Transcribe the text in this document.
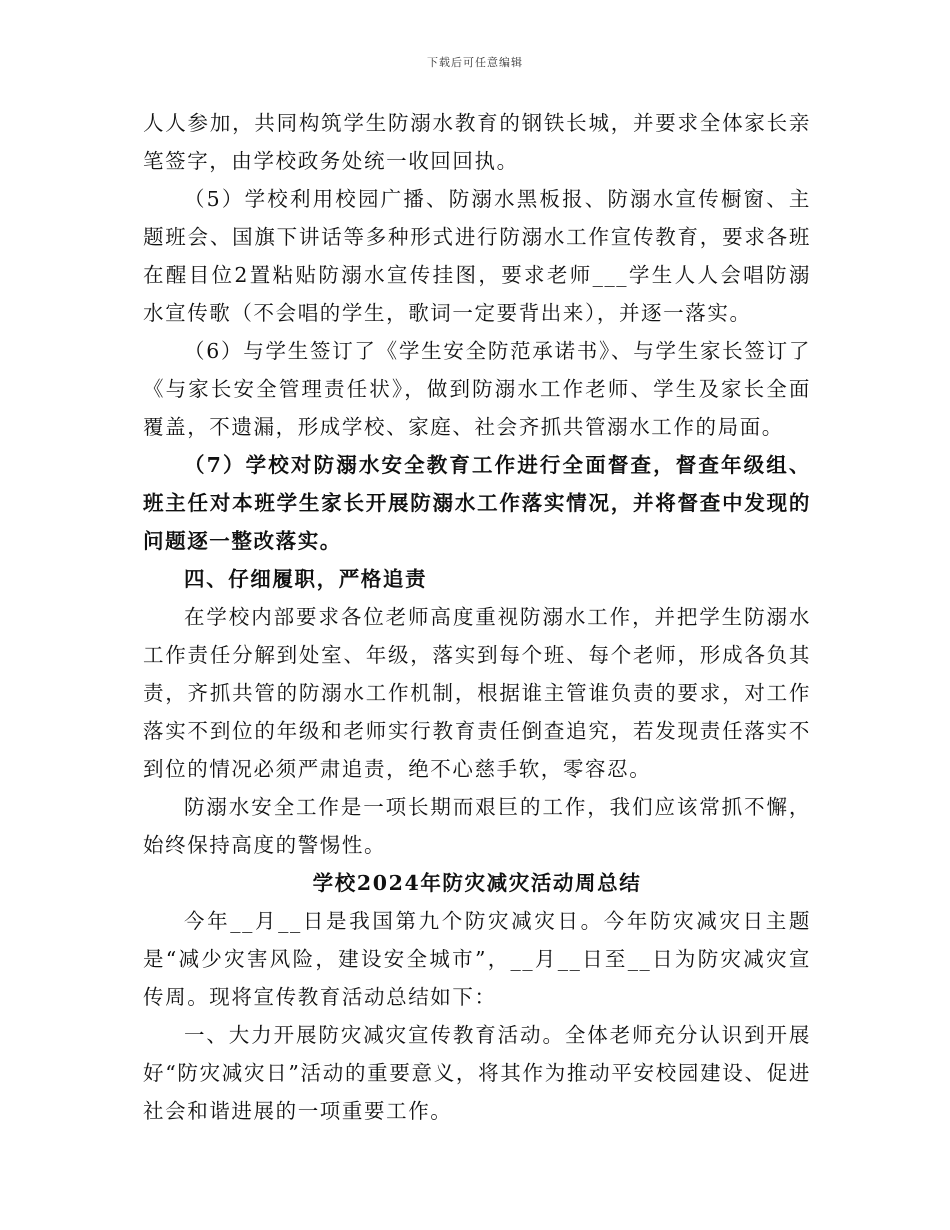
下载后可任意编辑

人人参加，共同构筑学生防溺水教育的钢铁长城，并要求全体家长亲笔签字，由学校政务处统一收回回执。

（5）学校利用校园广播、防溺水黑板报、防溺水宣传橱窗、主题班会、国旗下讲话等多种形式进行防溺水工作宣传教育，要求各班在醒目位2置粘贴防溺水宣传挂图，要求老师___学生人人会唱防溺水宣传歌（不会唱的学生，歌词一定要背出来），并逐一落实。

（6）与学生签订了《学生安全防范承诺书》、与学生家长签订了《与家长安全管理责任状》，做到防溺水工作老师、学生及家长全面覆盖，不遗漏，形成学校、家庭、社会齐抓共管溺水工作的局面。

（7）学校对防溺水安全教育工作进行全面督查，督查年级组、班主任对本班学生家长开展防溺水工作落实情况，并将督查中发现的问题逐一整改落实。

四、仔细履职，严格追责

在学校内部要求各位老师高度重视防溺水工作，并把学生防溺水工作责任分解到处室、年级，落实到每个班、每个老师，形成各负其责，齐抓共管的防溺水工作机制，根据谁主管谁负责的要求，对工作落实不到位的年级和老师实行教育责任倒查追究，若发现责任落实不到位的情况必须严肃追责，绝不心慈手软，零容忍。

防溺水安全工作是一项长期而艰巨的工作，我们应该常抓不懈，始终保持高度的警惕性。

学校2024年防灾减灾活动周总结

今年__月__日是我国第九个防灾减灾日。今年防灾减灾日主题是“减少灾害风险，建设安全城市”，__月__日至__日为防灾减灾宣传周。现将宣传教育活动总结如下：

一、大力开展防灾减灾宣传教育活动。全体老师充分认识到开展好“防灾减灾日”活动的重要意义，将其作为推动平安校园建设、促进社会和谐进展的一项重要工作。
